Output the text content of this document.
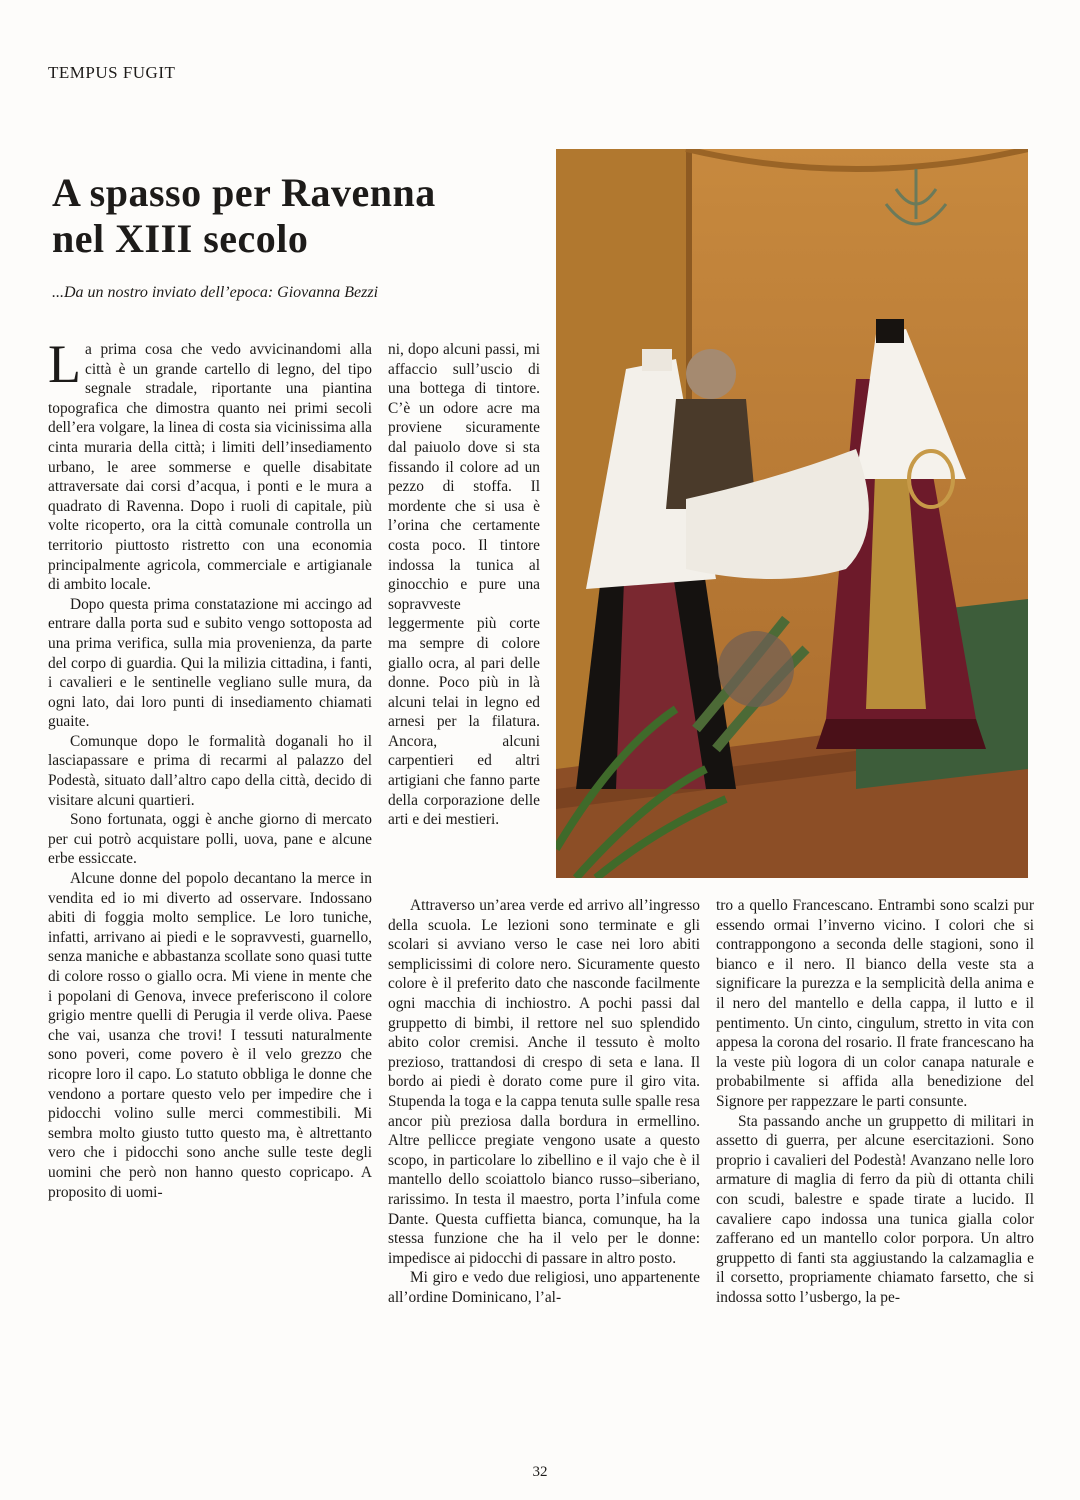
TEMPUS FUGIT
A spasso per Ravenna
nel XIII secolo
...Da un nostro inviato dell’epoca: Giovanna Bezzi

La prima cosa che vedo avvicinandomi alla città è un grande cartello di legno, del tipo segnale stradale, riportante una piantina topografica che dimostra quanto nei primi secoli dell’era volgare, la linea di costa sia vicinissima alla cinta muraria della città; i limiti dell’insediamento urbano, le aree sommerse e quelle disabitate attraversate dai corsi d’acqua, i ponti e le mura a quadrato di Ravenna. Dopo i ruoli di capitale, più volte ricoperto, ora la città comunale controlla un territorio piuttosto ristretto con una economia principalmente agricola, commerciale e artigianale di ambito locale.

Dopo questa prima constatazione mi accingo ad entrare dalla porta sud e subito vengo sottoposta ad una prima verifica, sulla mia provenienza, da parte del corpo di guardia. Qui la milizia cittadina, i fanti, i cavalieri e le sentinelle vegliano sulle mura, da ogni lato, dai loro punti di insediamento chiamati guaite.

Comunque dopo le formalità doganali ho il lasciapassare e prima di recarmi al palazzo del Podestà, situato dall’altro capo della città, decido di visitare alcuni quartieri.

Sono fortunata, oggi è anche giorno di mercato per cui potrò acquistare polli, uova, pane e alcune erbe essiccate.

Alcune donne del popolo decantano la merce in vendita ed io mi diverto ad osservare. Indossano abiti di foggia molto semplice. Le loro tuniche, infatti, arrivano ai piedi e le sopravvesti, guarnello, senza maniche e abbastanza scollate sono quasi tutte di colore rosso o giallo ocra. Mi viene in mente che i popolani di Genova, invece preferiscono il colore grigio mentre quelli di Perugia il verde oliva. Paese che vai, usanza che trovi! I tessuti naturalmente sono poveri, come povero è il velo grezzo che ricopre loro il capo. Lo statuto obbliga le donne che vendono a portare questo velo per impedire che i pidocchi volino sulle merci commestibili. Mi sembra molto giusto tutto questo ma, è altrettanto vero che i pidocchi sono anche sulle teste degli uomini che però non hanno questo copricapo. A proposito di uomi-

ni, dopo alcuni passi, mi affaccio sull’uscio di una bottega di tintore. C’è un odore acre ma proviene sicuramente dal paiuolo dove si sta fissando il colore ad un pezzo di stoffa. Il mordente che si usa è l’orina che certamente costa poco. Il tintore indossa la tunica al ginocchio e pure una sopravveste leggermente più corte ma sempre di colore giallo ocra, al pari delle donne. Poco più in là alcuni telai in legno ed arnesi per la filatura. Ancora, alcuni carpentieri ed altri artigiani che fanno parte della corporazione delle arti e dei mestieri.

Attraverso un’area verde ed arrivo all’ingresso della scuola. Le lezioni sono terminate e gli scolari si avviano verso le case nei loro abiti semplicissimi di colore nero. Sicuramente questo colore è il preferito dato che nasconde facilmente ogni macchia di inchiostro. A pochi passi dal gruppetto di bimbi, il rettore nel suo splendido abito color cremisi. Anche il tessuto è molto prezioso, trattandosi di crespo di seta e lana. Il bordo ai piedi è dorato come pure il giro vita. Stupenda la toga e la cappa tenuta sulle spalle resa ancor più preziosa dalla bordura in ermellino. Altre pellicce pregiate vengono usate a questo scopo, in particolare lo zibellino e il vajo che è il mantello dello scoiattolo bianco russo–siberiano, rarissimo. In testa il maestro, porta l’infula come Dante. Questa cuffietta bianca, comunque, ha la stessa funzione che ha il velo per le donne: impedisce ai pidocchi di passare in altro posto.

Mi giro e vedo due religiosi, uno appartenente all’ordine Dominicano, l’al-

tro a quello Francescano. Entrambi sono scalzi pur essendo ormai l’inverno vicino. I colori che si contrappongono a seconda delle stagioni, sono il bianco e il nero. Il bianco della veste sta a significare la purezza e la semplicità della anima e il nero del mantello e della cappa, il lutto e il pentimento. Un cinto, cingulum, stretto in vita con appesa la corona del rosario. Il frate francescano ha la veste più logora di un color canapa naturale e probabilmente si affida alla benedizione del Signore per rappezzare le parti consunte.

Sta passando anche un gruppetto di militari in assetto di guerra, per alcune esercitazioni. Sono proprio i cavalieri del Podestà! Avanzano nelle loro armature di maglia di ferro da più di ottanta chili con scudi, balestre e spade tirate a lucido. Il cavaliere capo indossa una tunica gialla color zafferano ed un mantello color porpora. Un altro gruppetto di fanti sta aggiustando la calzamaglia e il corsetto, propriamente chiamato farsetto, che si indossa sotto l’usbergo, la pe-

32
